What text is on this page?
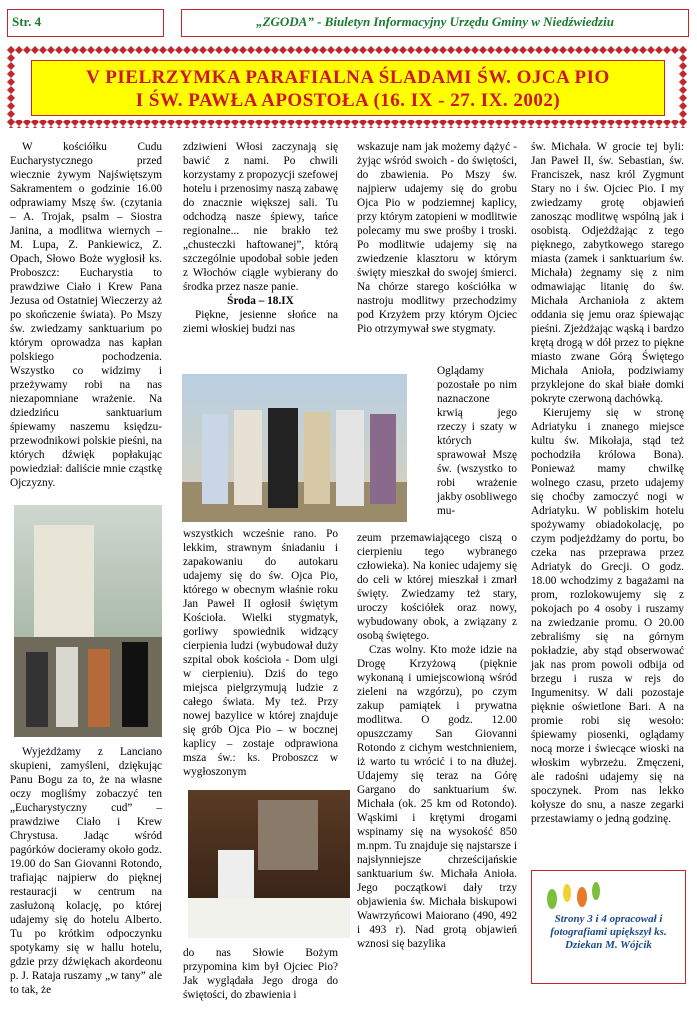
Str. 4	„ZGODA” - Biuletyn Informacyjny Urzędu Gminy w Niedźwiedziu
V PIELRZYMKA PARAFIALNA ŚLADAMI ŚW. OJCA PIO
I ŚW. PAWŁA APOSTOŁA (16. IX - 27. IX. 2002)

W kościółku Cudu Eucharystycznego przed wiecznie żywym Najświętszym Sakramentem o godzinie 16.00 odprawiamy Mszę św. (czytania – A. Trojak, psalm – Siostra Janina, a modlitwa wiernych – M. Lupa, Z. Pankiewicz, Z. Opach, Słowo Boże wygłosił ks. Proboszcz: Eucharystia to prawdziwe Ciało i Krew Pana Jezusa od Ostatniej Wieczerzy aż po skończenie świata). Po Mszy św. zwiedzamy sanktuarium po którym oprowadza nas kapłan polskiego pochodzenia. Wszystko co widzimy i przeżywamy robi na nas niezapomniane wrażenie. Na dziedzińcu sanktuarium śpiewamy naszemu księdzu-przewodnikowi polskie pieśni, na których dźwięk popłakując powiedział: daliście mnie cząstkę Ojczyzny.

Wyjeżdżamy z Lanciano skupieni, zamyśleni, dziękując Panu Bogu za to, że na własne oczy mogliśmy zobaczyć ten „Eucharystyczny cud” – prawdziwe Ciało i Krew Chrystusa. Jadąc wśród pagórków docieramy około godz. 19.00 do San Giovanni Rotondo, trafiając najpierw do pięknej restauracji w centrum na zasłużoną kolację, po której udajemy się do hotelu Alberto. Tu po krótkim odpoczynku spotykamy się w hallu hotelu, gdzie przy dźwiękach akordeonu p. J. Rataja ruszamy „w tany” ale to tak, że

zdziwieni Włosi zaczynają się bawić z nami. Po chwili korzystamy z propozycji szefowej hotelu i przenosimy naszą zabawę do znacznie większej sali. Tu odchodzą nasze śpiewy, tańce regionalne... nie brakło też „chusteczki haftowanej”, którą szczególnie upodobał sobie jeden z Włochów ciągle wybierany do środka przez nasze panie.

Środa – 18.IX

Piękne, jesienne słońce na ziemi włoskiej budzi nas

wszystkich wcześnie rano. Po lekkim, strawnym śniadaniu i zapakowaniu do autokaru udajemy się do św. Ojca Pio, którego w obecnym właśnie roku Jan Paweł II ogłosił świętym Kościoła. Wielki stygmatyk, gorliwy spowiednik widzący cierpienia ludzi (wybudował duży szpital obok kościoła - Dom ulgi w cierpieniu). Dziś do tego miejsca pielgrzymują ludzie z całego świata. My też. Przy nowej bazylice w której znajduje się grób Ojca Pio – w bocznej kaplicy – zostaje odprawiona msza św.: ks. Proboszcz w wygłoszonym

do nas Słowie Bożym przypomina kim był Ojciec Pio? Jak wyglądała Jego droga do świętości, do zbawienia i

wskazuje nam jak możemy dążyć - żyjąc wśród swoich - do świętości, do zbawienia. Po Mszy św. najpierw udajemy się do grobu Ojca Pio w podziemnej kaplicy, przy którym zatopieni w modlitwie polecamy mu swe prośby i troski. Po modlitwie udajemy się na zwiedzenie klasztoru w którym święty mieszkał do swojej śmierci. Na chórze starego kościółka w nastroju modlitwy przechodzimy pod Krzyżem przy którym Ojciec Pio otrzymywał swe stygmaty.

Oglądamy pozostałe po nim naznaczone krwią jego rzeczy i szaty w których sprawował Mszę św. (wszystko to robi wrażenie jakby osobliwego mu-

zeum przemawiającego ciszą o cierpieniu tego wybranego człowieka). Na koniec udajemy się do celi w której mieszkał i zmarł święty. Zwiedzamy też stary, uroczy kościółek oraz nowy, wybudowany obok, a związany z osobą świętego.

Czas wolny. Kto może idzie na Drogę Krzyżową (pięknie wykonaną i umiejscowioną wśród zieleni na wzgórzu), po czym zakup pamiątek i prywatna modlitwa. O godz. 12.00 opuszczamy San Giovanni Rotondo z cichym westchnieniem, iż warto tu wrócić i to na dłużej. Udajemy się teraz na Górę Gargano do sanktuarium św. Michała (ok. 25 km od Rotondo). Wąskimi i krętymi drogami wspinamy się na wysokość 850 m.npm. Tu znajduje się najstarsze i najsłynniejsze chrześcijańskie sanktuarium św. Michała Anioła. Jego początkowi dały trzy objawienia św. Michała biskupowi Wawrzyńcowi Maiorano (490, 492 i 493 r). Nad grotą objawień wznosi się bazylika

św. Michała. W grocie tej byli: Jan Paweł II, św. Sebastian, św. Franciszek, nasz król Zygmunt Stary no i św. Ojciec Pio. I my zwiedzamy grotę objawień zanosząc modlitwę wspólną jak i osobistą. Odjeżdżając z tego pięknego, zabytkowego starego miasta (zamek i sanktuarium św. Michała) żegnamy się z nim odmawiając litanię do św. Michała Archanioła z aktem oddania się jemu oraz śpiewając pieśni. Zjeżdżając wąską i bardzo krętą drogą w dół przez to piękne miasto zwane Górą Świętego Michała Anioła, podziwiamy przyklejone do skał białe domki pokryte czerwoną dachówką.

Kierujemy się w stronę Adriatyku i znanego miejsce kultu św. Mikołaja, stąd też pochodziła królowa Bona). Ponieważ mamy chwilkę wolnego czasu, przeto udajemy się choćby zamoczyć nogi w Adriatyku. W pobliskim hotelu spożywamy obiadokolację, po czym podjeżdżamy do portu, bo czeka nas przeprawa przez Adriatyk do Grecji. O godz. 18.00 wchodzimy z bagażami na prom, rozlokowujemy się z pokojach po 4 osoby i ruszamy na zwiedzanie promu. O 20.00 zebraliśmy się na górnym pokładzie, aby stąd obserwować jak nas prom powoli odbija od brzegu i rusza w rejs do Ingumenitsy. W dali pozostaje pięknie oświetlone Bari. A na promie robi się wesoło: śpiewamy piosenki, oglądamy nocą morze i świecące wioski na włoskim wybrzeżu. Zmęczeni, ale radośni udajemy się na spoczynek. Prom nas lekko kołysze do snu, a nasze zegarki przestawiamy o jedną godzinę.

Strony 3 i 4 opracował i fotografiami upiększył ks. Dziekan M. Wójcik
